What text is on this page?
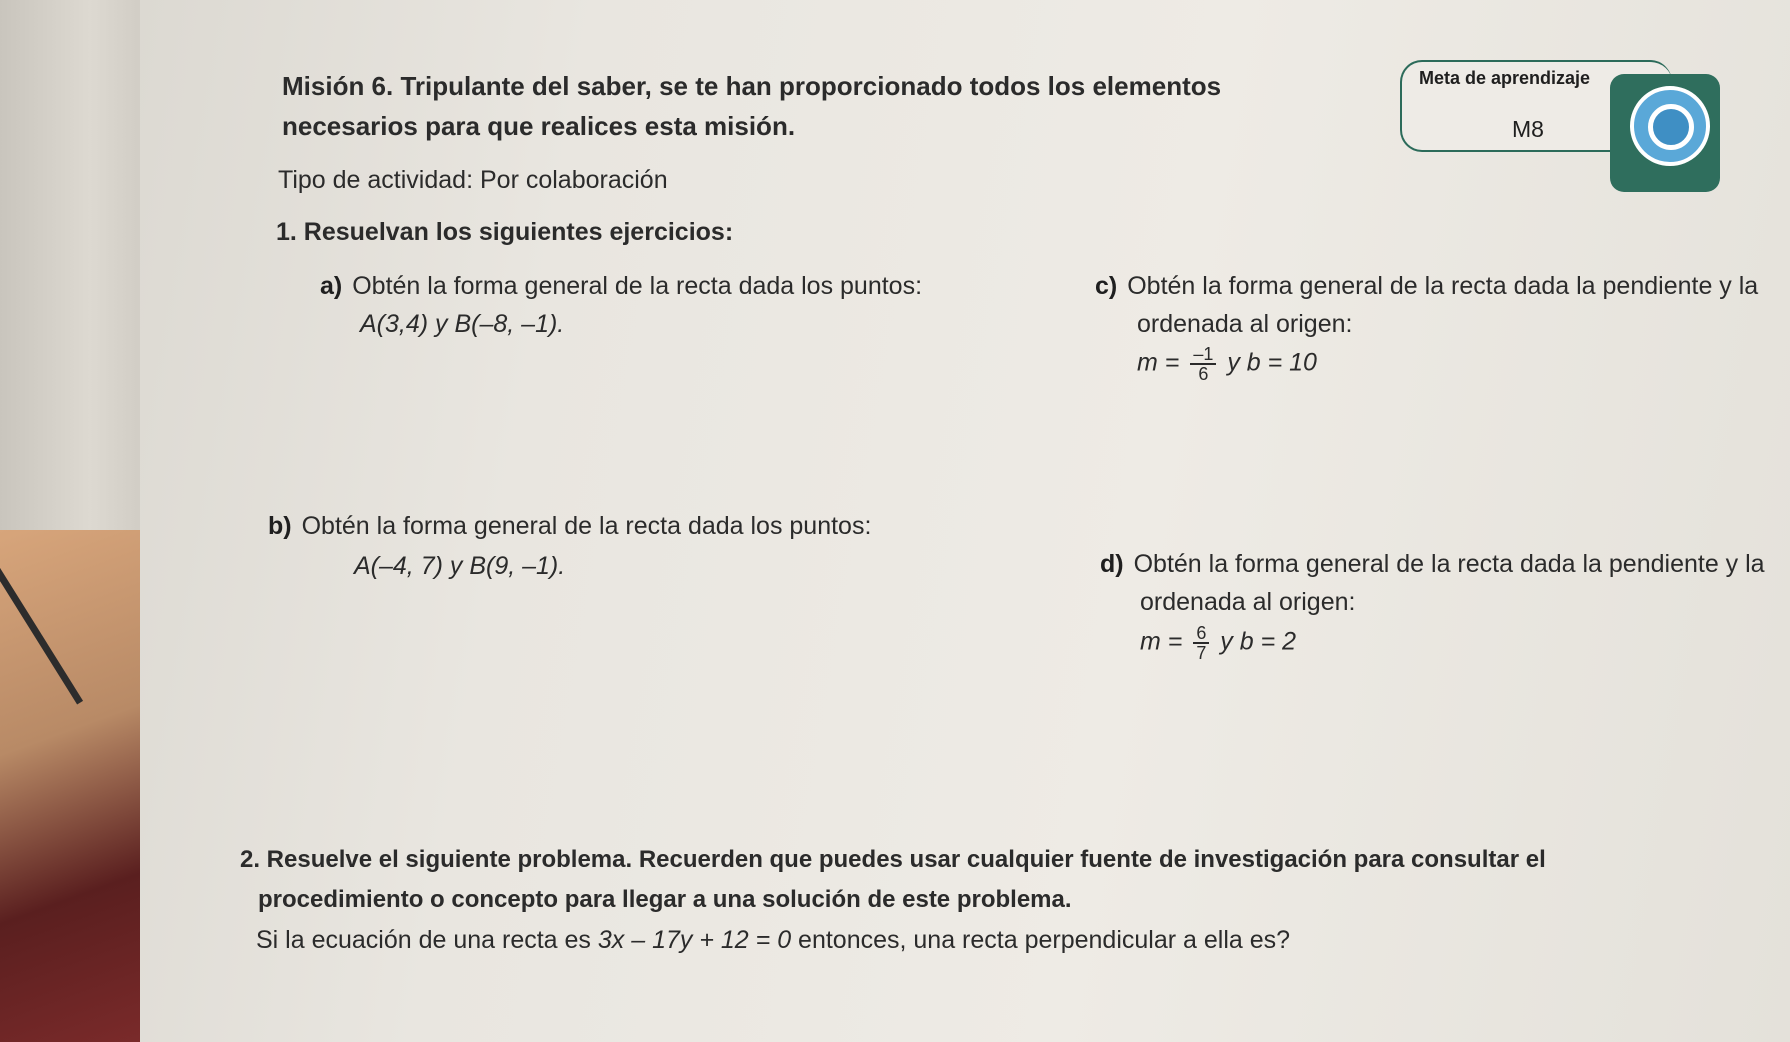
Misión 6. Tripulante del saber, se te han proporcionado todos los elementos
necesarios para que realices esta misión.
Tipo de actividad: Por colaboración
Meta de aprendizaje
M8
1. Resuelvan los siguientes ejercicios:
a) Obtén la forma general de la recta dada los puntos:
A(3,4) y B(–8, –1).
c) Obtén la forma general de la recta dada la pendiente y la
ordenada al origen:
$m = \frac{-1}{6}$ y b = 10
b) Obtén la forma general de la recta dada los puntos:
A(–4, 7) y B(9, –1).	d) Obtén la forma general de la recta dada la pendiente y la
ordenada al origen:
$m = \frac{6}{7}$ y b = 2
2. Resuelve el siguiente problema. Recuerden que puedes usar cualquier fuente de investigación para consultar el
procedimiento o concepto para llegar a una solución de este problema.
Si la ecuación de una recta es 3x – 17y + 12 = 0 entonces, una recta perpendicular a ella es?
